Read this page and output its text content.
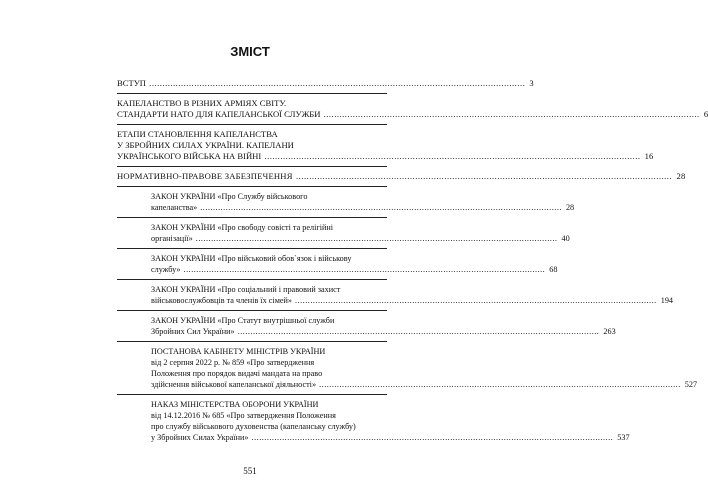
ЗМІСТ
ВСТУП .....	3
КАПЕЛАНСТВО В РІЗНИХ АРМІЯХ СВІТУ.
СТАНДАРТИ НАТО ДЛЯ КАПЕЛАНСЬКОЇ СЛУЖБИ .....	6
ЕТАПИ СТАНОВЛЕННЯ КАПЕЛАНСТВА
У ЗБРОЙНИХ СИЛАХ УКРАЇНИ. КАПЕЛАНИ
УКРАЇНСЬКОГО ВІЙСЬКА НА ВІЙНІ .....	16
НОРМАТИВНО-ПРАВОВЕ ЗАБЕЗПЕЧЕННЯ .....	28
ЗАКОН УКРАЇНИ «Про Службу військового
капеланства» .....	28
ЗАКОН УКРАЇНИ «Про свободу совісті та релігійні
організації» .....	40
ЗАКОН УКРАЇНИ «Про військовий обов`язок і військову
службу» .....	68
ЗАКОН УКРАЇНИ «Про соціальний і правовий захист
військовослужбовців та членів їх сімей» .....	194
ЗАКОН УКРАЇНИ «Про Статут внутрішньої служби
Збройних Сил України» .....	263
ПОСТАНОВА КАБІНЕТУ МІНІСТРІВ УКРАЇНИ
від 2 серпня 2022 р. № 859 «Про затвердження
Положення про порядок видачі мандата на право
здійснення військової капеланської діяльності» .....	527
НАКАЗ МІНІСТЕРСТВА ОБОРОНИ УКРАЇНИ
від 14.12.2016 № 685 «Про затвердження Положення
про службу військового духовенства (капеланську службу)
у Збройних Силах України» .....	537
551
